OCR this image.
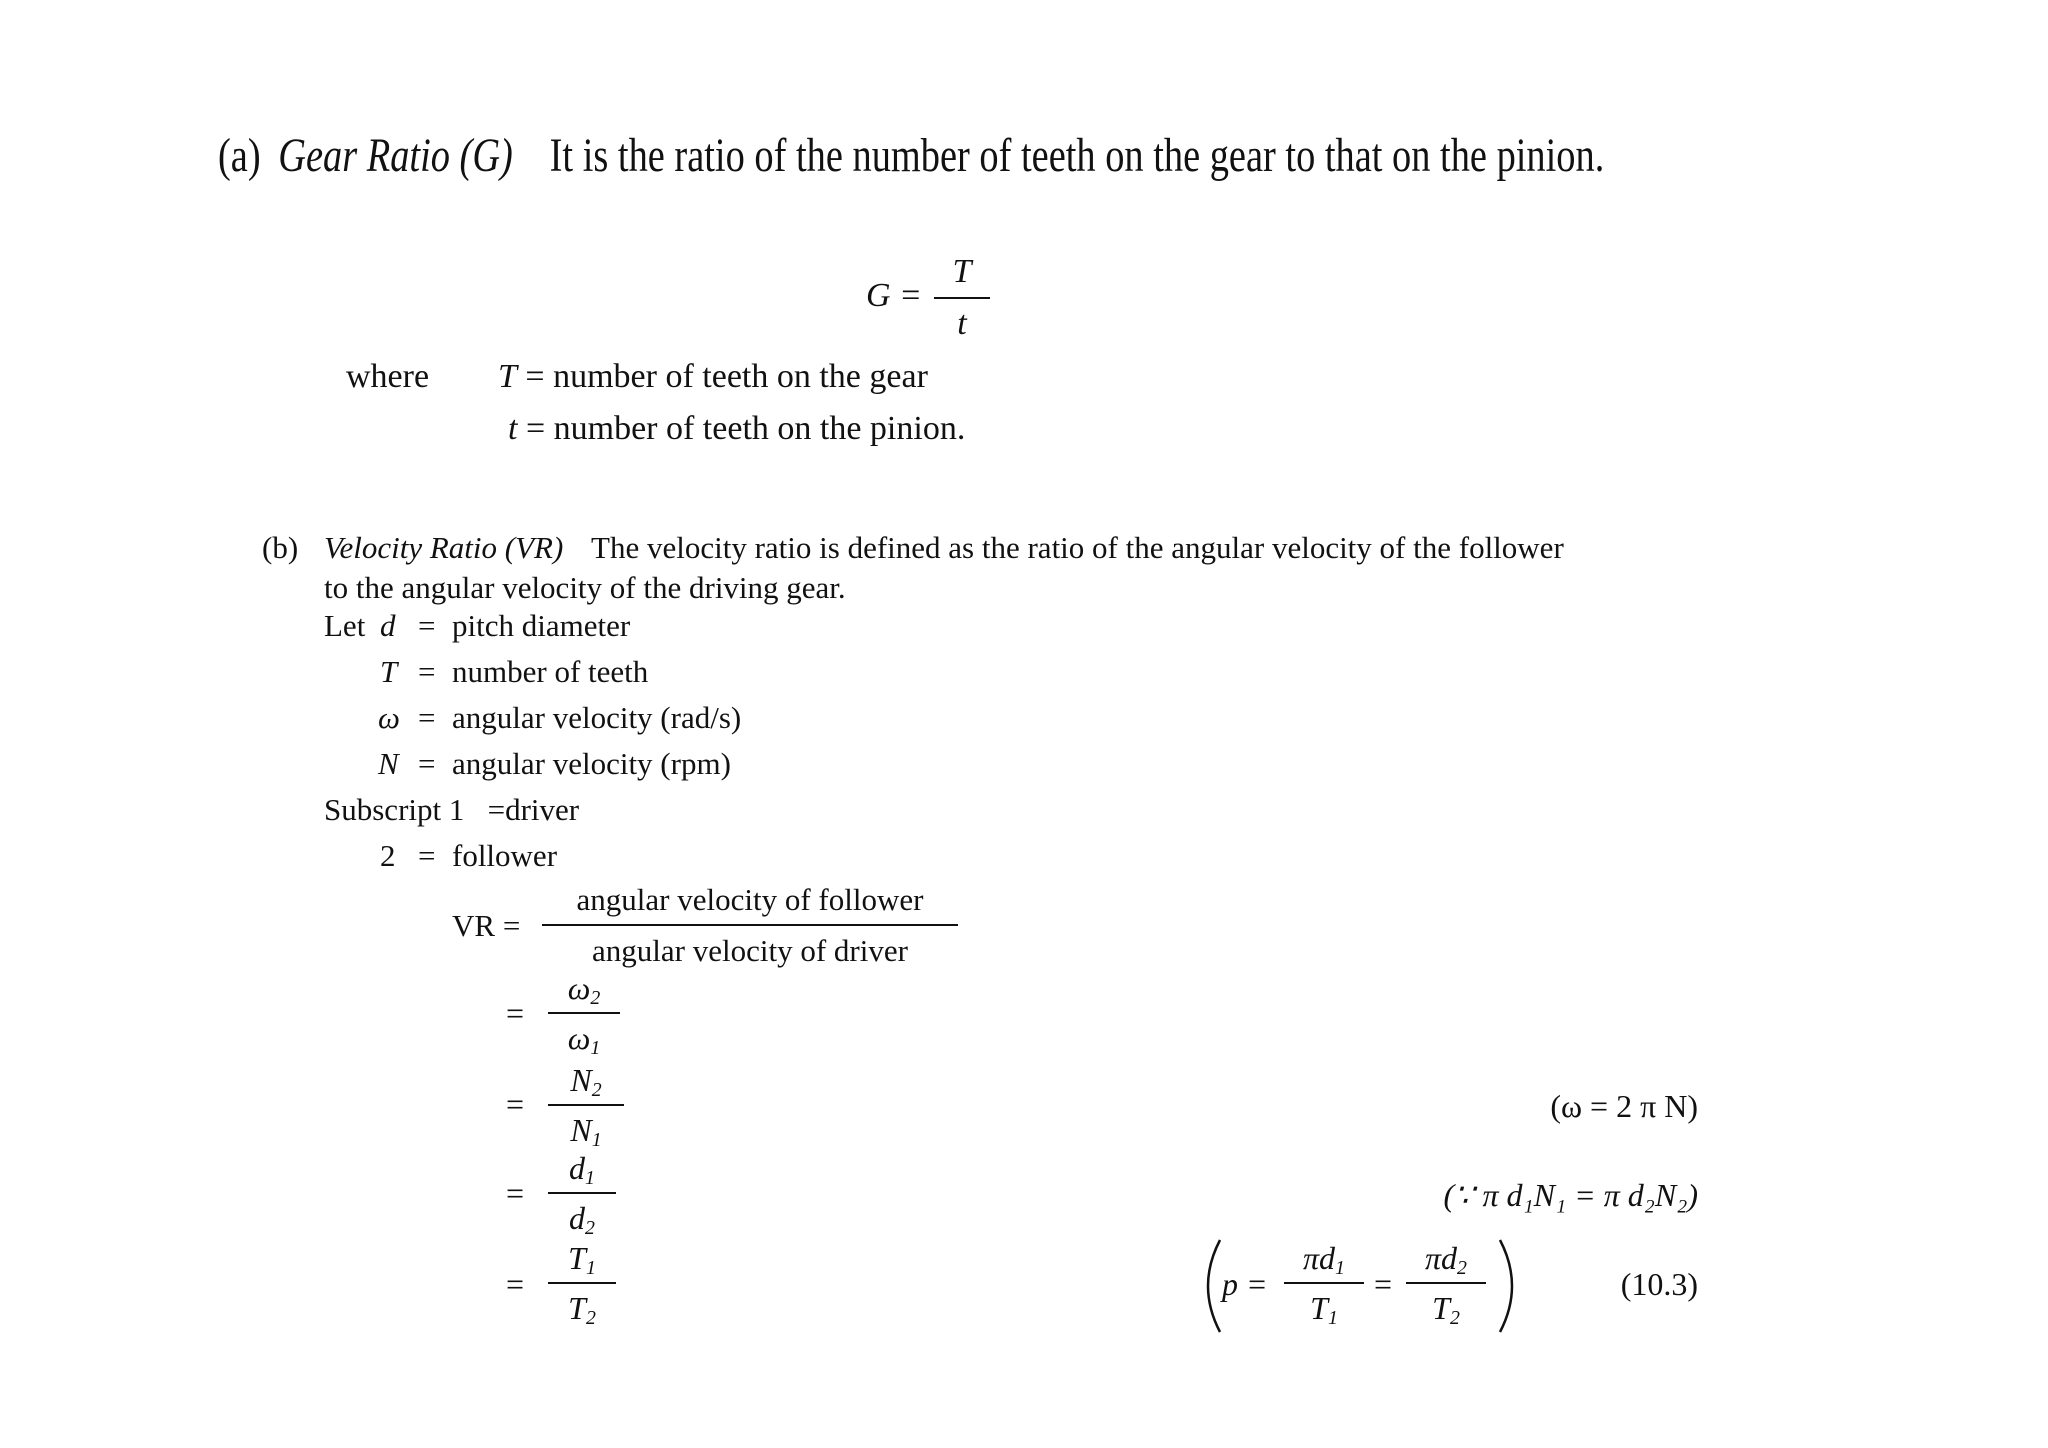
(a) Gear Ratio (G) It is the ratio of the number of teeth on the gear to that on the pinion.
G =
T
t
where T = number of teeth on the gear
t = number of teeth on the pinion.
(b) Velocity Ratio (VR) The velocity ratio is defined as the ratio of the angular velocity of the follower
to the angular velocity of the driving gear.
Let d = pitch diameter
T = number of teeth
ω = angular velocity (rad/s)
N = angular velocity (rpm)
Subscript 1   =driver
2 = follower
VR =
angular velocity of follower
angular velocity of driver
=
$\omega_2$
$\omega_1$
=
$N_2$
$N_1$
(ω = 2 π N)
=
$d_1$
$d_2$
(∵ π d₁N₁ = π d₂N₂)
=
$T_1$
$T_2$
p =
$\pi d_1$
$T_1$
=
$\pi d_2$
$T_2$
(10.3)
